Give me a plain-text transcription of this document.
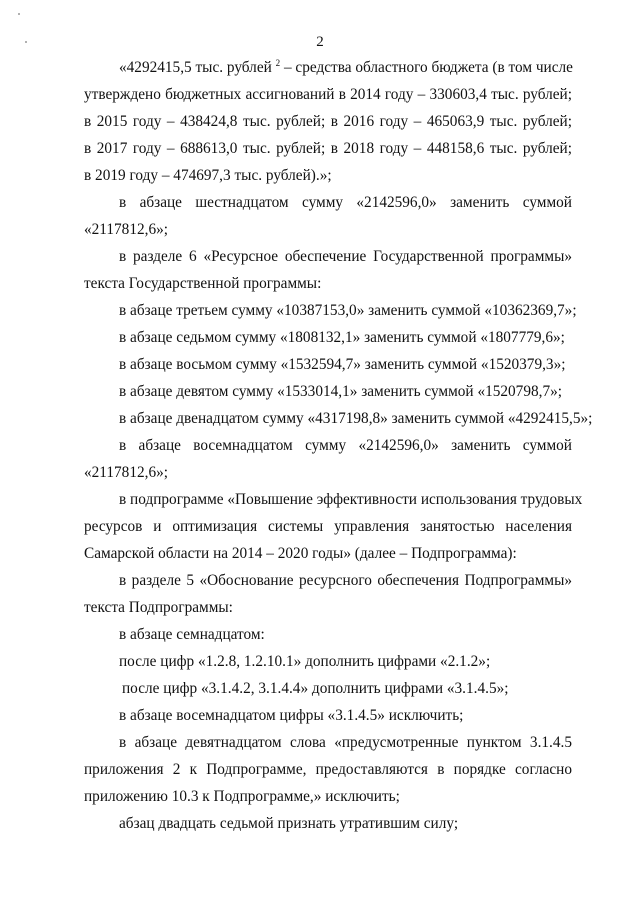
2
«4292415,5 тыс. рублей $^2$ – средства областного бюджета (в том числе
утверждено бюджетных ассигнований в 2014 году – 330603,4 тыс. рублей;
в 2015 году – 438424,8 тыс. рублей; в 2016 году – 465063,9 тыс. рублей;
в 2017 году – 688613,0 тыс. рублей; в 2018 году – 448158,6 тыс. рублей;
в 2019 году – 474697,3 тыс. рублей).»;
в абзаце шестнадцатом сумму «2142596,0» заменить суммой
«2117812,6»;
в разделе 6 «Ресурсное обеспечение Государственной программы»
текста Государственной программы:
в абзаце третьем сумму «10387153,0» заменить суммой «10362369,7»;
в абзаце седьмом сумму «1808132,1» заменить суммой «1807779,6»;
в абзаце восьмом сумму «1532594,7» заменить суммой «1520379,3»;
в абзаце девятом сумму «1533014,1» заменить суммой «1520798,7»;
в абзаце двенадцатом сумму «4317198,8» заменить суммой «4292415,5»;
в абзаце восемнадцатом сумму «2142596,0» заменить суммой
«2117812,6»;
в подпрограмме «Повышение эффективности использования трудовых
ресурсов и оптимизация системы управления занятостью населения
Самарской области на 2014 – 2020 годы» (далее – Подпрограмма):
в разделе 5 «Обоснование ресурсного обеспечения Подпрограммы»
текста Подпрограммы:
в абзаце семнадцатом:
после цифр «1.2.8, 1.2.10.1» дополнить цифрами «2.1.2»;
после цифр «3.1.4.2, 3.1.4.4» дополнить цифрами «3.1.4.5»;
в абзаце восемнадцатом цифры «3.1.4.5» исключить;
в абзаце девятнадцатом слова «предусмотренные пунктом 3.1.4.5
приложения 2 к Подпрограмме, предоставляются в порядке согласно
приложению 10.3 к Подпрограмме,» исключить;
абзац двадцать седьмой признать утратившим силу;
